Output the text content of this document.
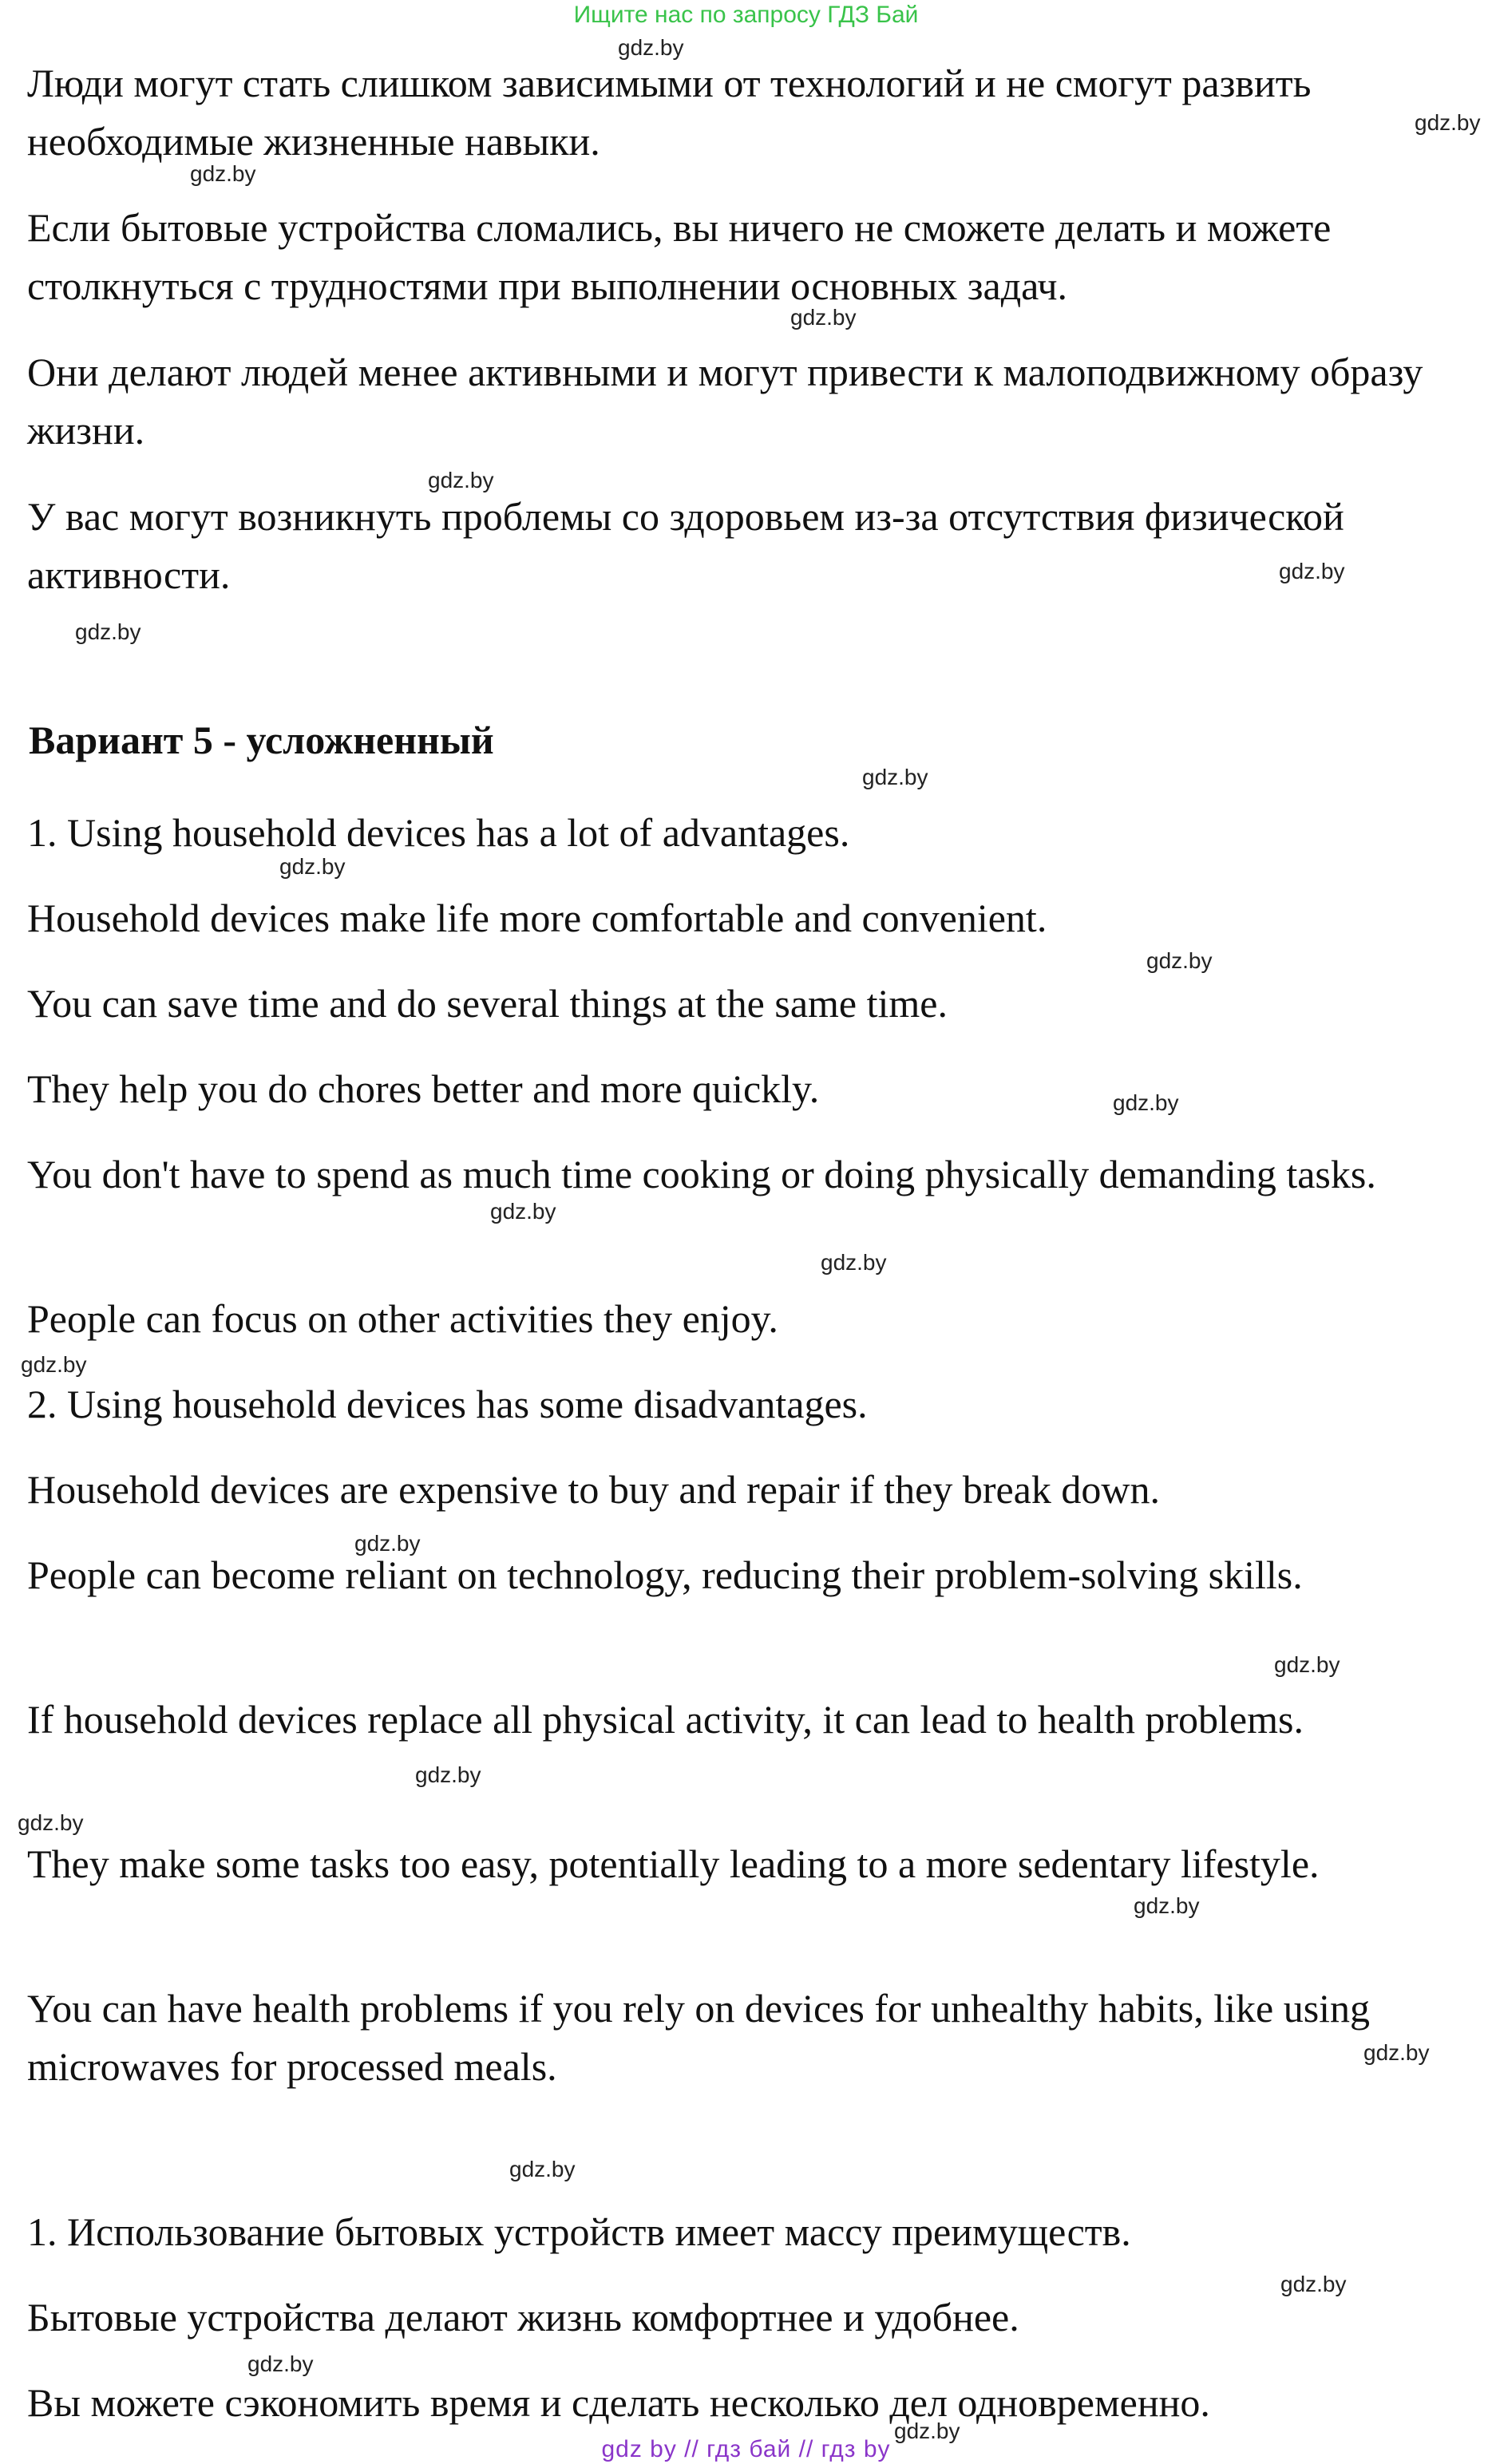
Ищите нас по запросу ГДЗ Бай

Люди могут стать слишком зависимыми от технологий и не смогут развить необходимые жизненные навыки.

Если бытовые устройства сломались, вы ничего не сможете делать и можете столкнуться с трудностями при выполнении основных задач.

Они делают людей менее активными и могут привести к малоподвижному образу жизни.

У вас могут возникнуть проблемы со здоровьем из-за отсутствия физической активности.

Вариант 5 - усложненный

1. Using household devices has a lot of advantages.

Household devices make life more comfortable and convenient.

You can save time and do several things at the same time.

They help you do chores better and more quickly.

You don't have to spend as much time cooking or doing physically demanding tasks.

People can focus on other activities they enjoy.

2. Using household devices has some disadvantages.

Household devices are expensive to buy and repair if they break down.

People can become reliant on technology, reducing their problem-solving skills.

If household devices replace all physical activity, it can lead to health problems.

They make some tasks too easy, potentially leading to a more sedentary lifestyle.

You can have health problems if you rely on devices for unhealthy habits, like using microwaves for processed meals.

1. Использование бытовых устройств имеет массу преимуществ.

Бытовые устройства делают жизнь комфортнее и удобнее.

Вы можете сэкономить время и сделать несколько дел одновременно.

gdz.by
gdz.by
gdz.by
gdz.by
gdz.by
gdz.by
gdz.by
gdz.by
gdz.by
gdz.by
gdz.by
gdz.by
gdz.by
gdz.by
gdz.by
gdz.by
gdz.by
gdz.by
gdz.by
gdz.by
gdz.by
gdz.by
gdz.by
gdz.by
gdz by // гдз бай // гдз by
